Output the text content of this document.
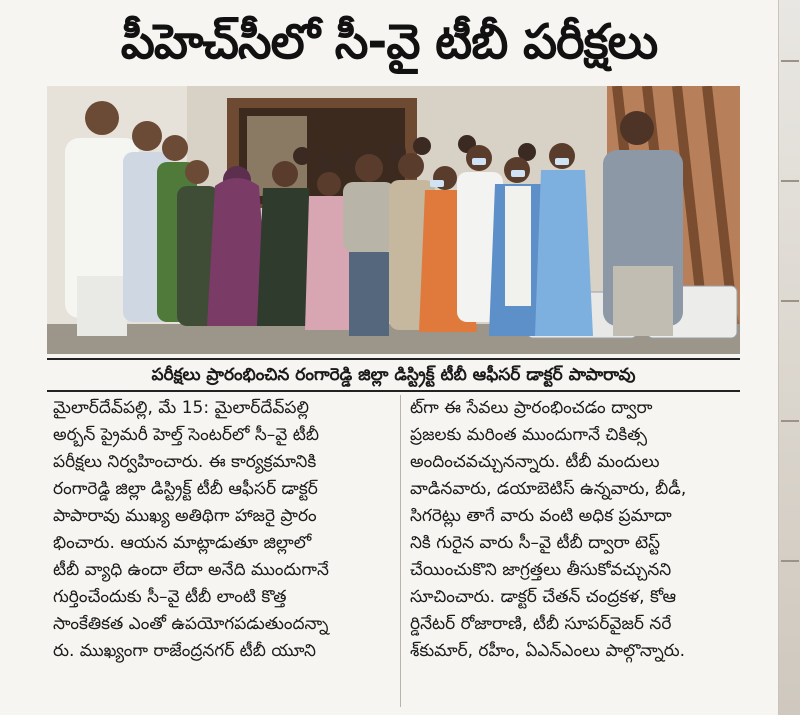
పీహెచ్‌సీలో సీ-వై టీబీ పరీక్షలు
పరీక్షలు ప్రారంభించిన రంగారెడ్డి జిల్లా డిస్ట్రిక్ట్ టీబీ ఆఫీసర్ డాక్టర్ పాపారావు

మైలార్‌దేవ్‌పల్లి, మే 15: మైలార్‌దేవ్‌పల్లి

అర్బన్ ప్రైమరీ హెల్త్ సెంటర్‌లో సీ–వై టీబీ

పరీక్షలు నిర్వహించారు. ఈ కార్యక్రమానికి

రంగారెడ్డి జిల్లా డిస్ట్రిక్ట్ టీబీ ఆఫీసర్ డాక్టర్

పాపారావు ముఖ్య అతిథిగా హాజరై ప్రారం

భించారు. ఆయన మాట్లాడుతూ జిల్లాలో

టీబీ వ్యాధి ఉందా లేదా అనేది ముందుగానే

గుర్తించేందుకు సీ–వై టీబీ లాంటి కొత్త

సాంకేతికత ఎంతో ఉపయోగపడుతుందన్నా

రు. ముఖ్యంగా రాజేంద్రనగర్ టీబీ యూని

ట్‌గా ఈ సేవలు ప్రారంభించడం ద్వారా

ప్రజలకు మరింత ముందుగానే చికిత్స

అందించవచ్చునన్నారు. టీబీ మందులు

వాడినవారు, డయాబెటిస్ ఉన్నవారు, బీడీ,

సిగరెట్లు తాగే వారు వంటి అధిక ప్రమాదా

నికి గురైన వారు సీ–వై టీబీ ద్వారా టెస్ట్

చేయించుకొని జాగ్రత్తలు తీసుకోవచ్చునని

సూచించారు. డాక్టర్ చేతన్ చంద్రకళ, కోఆ

ర్డినేటర్ రోజారాణి, టీబీ సూపర్‌వైజర్ నరే

శ్‌కుమార్, రహీం, ఏఎన్‌ఎంలు పాల్గొన్నారు.
